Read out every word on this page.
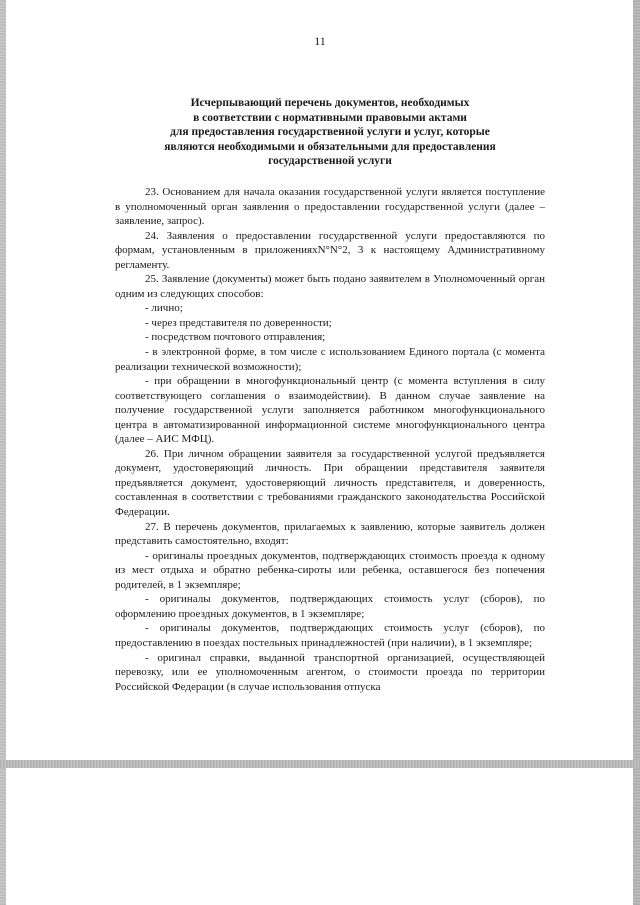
11
Исчерпывающий перечень документов, необходимых
в соответствии с нормативными правовыми актами
для предоставления государственной услуги и услуг, которые
являются необходимыми и обязательными для предоставления
государственной услуги

23. Основанием для начала оказания государственной услуги является поступление в уполномоченный орган заявления о предоставлении государственной услуги (далее – заявление, запрос).

24. Заявления о предоставлении государственной услуги предоставляются по формам, установленным в приложенияхN°N°2, 3 к настоящему Административному регламенту.

25. Заявление (документы) может быть подано заявителем в Уполномоченный орган одним из следующих способов:

- лично;

- через представителя по доверенности;

- посредством почтового отправления;

- в электронной форме, в том числе с использованием Единого портала (с момента реализации технической возможности);

- при обращении в многофункциональный центр (с момента вступления в силу соответствующего соглашения о взаимодействии). В данном случае заявление на получение государственной услуги заполняется работником многофункционального центра в автоматизированной информационной системе многофункционального центра (далее – АИС МФЦ).

26. При личном обращении заявителя за государственной услугой предъявляется документ, удостоверяющий личность. При обращении представителя заявителя предъявляется документ, удостоверяющий личность представителя, и доверенность, составленная в соответствии с требованиями гражданского законодательства Российской Федерации.

27. В перечень документов, прилагаемых к заявлению, которые заявитель должен представить самостоятельно, входят:

- оригиналы проездных документов, подтверждающих стоимость проезда к одному из мест отдыха и обратно ребенка-сироты или ребенка, оставшегося без попечения родителей, в 1 экземпляре;

- оригиналы документов, подтверждающих стоимость услуг (сборов), по оформлению проездных документов, в 1 экземпляре;

- оригиналы документов, подтверждающих стоимость услуг (сборов), по предоставлению в поездах постельных принадлежностей (при наличии), в 1 экземпляре;

- оригинал справки, выданной транспортной организацией, осуществляющей перевозку, или ее уполномоченным агентом, о стоимости проезда по территории Российской Федерации (в случае использования отпуска
